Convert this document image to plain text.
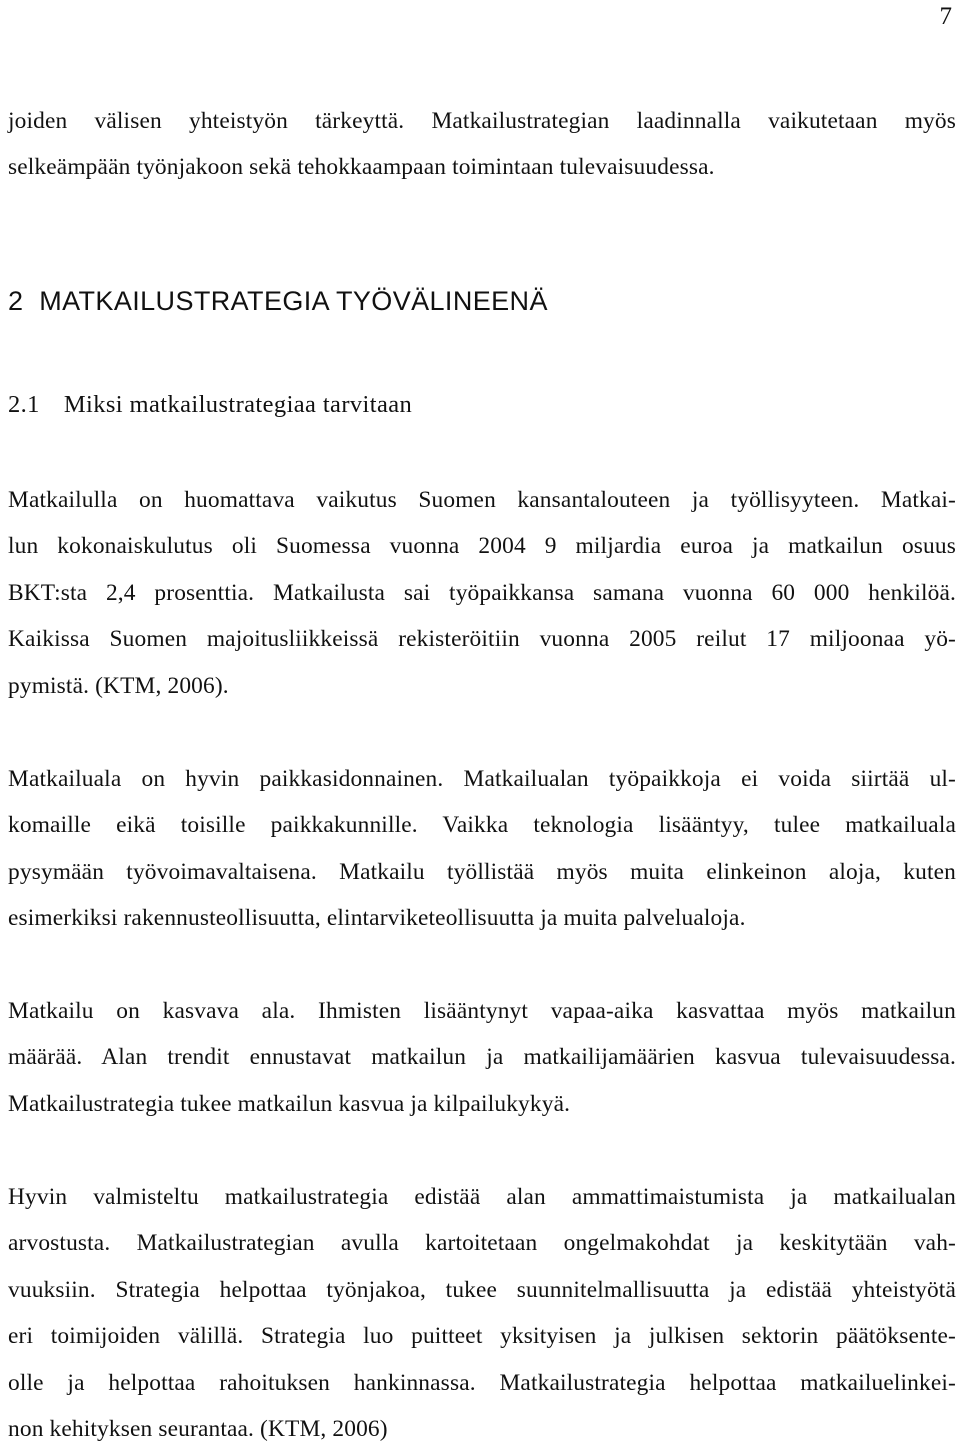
7

joiden välisen yhteistyön tärkeyttä. Matkailustrategian laadinnalla vaikutetaan myös
selkeämpään työnjakoon sekä tehokkaampaan toimintaan tulevaisuudessa.

2 MATKAILUSTRATEGIA TYÖVÄLINEENÄ
2.1 Miksi matkailustrategiaa tarvitaan

Matkailulla on huomattava vaikutus Suomen kansantalouteen ja työllisyyteen. Matkai-
lun kokonaiskulutus oli Suomessa vuonna 2004 9 miljardia euroa ja matkailun osuus
BKT:sta 2,4 prosenttia. Matkailusta sai työpaikkansa samana vuonna 60 000 henkilöä.
Kaikissa Suomen majoitusliikkeissä rekisteröitiin vuonna 2005 reilut 17 miljoonaa yö-
pymistä. (KTM, 2006).

Matkailuala on hyvin paikkasidonnainen. Matkailualan työpaikkoja ei voida siirtää ul-
komaille eikä toisille paikkakunnille. Vaikka teknologia lisääntyy, tulee matkailuala
pysymään työvoimavaltaisena. Matkailu työllistää myös muita elinkeinon aloja, kuten
esimerkiksi rakennusteollisuutta, elintarviketeollisuutta ja muita palvelualoja.

Matkailu on kasvava ala. Ihmisten lisääntynyt vapaa-aika kasvattaa myös matkailun
määrää. Alan trendit ennustavat matkailun ja matkailijamäärien kasvua tulevaisuudessa.
Matkailustrategia tukee matkailun kasvua ja kilpailukykyä.

Hyvin valmisteltu matkailustrategia edistää alan ammattimaistumista ja matkailualan
arvostusta. Matkailustrategian avulla kartoitetaan ongelmakohdat ja keskitytään vah-
vuuksiin. Strategia helpottaa työnjakoa, tukee suunnitelmallisuutta ja edistää yhteistyötä
eri toimijoiden välillä. Strategia luo puitteet yksityisen ja julkisen sektorin päätöksente-
olle ja helpottaa rahoituksen hankinnassa. Matkailustrategia helpottaa matkailuelinkei-
non kehityksen seurantaa. (KTM, 2006)
